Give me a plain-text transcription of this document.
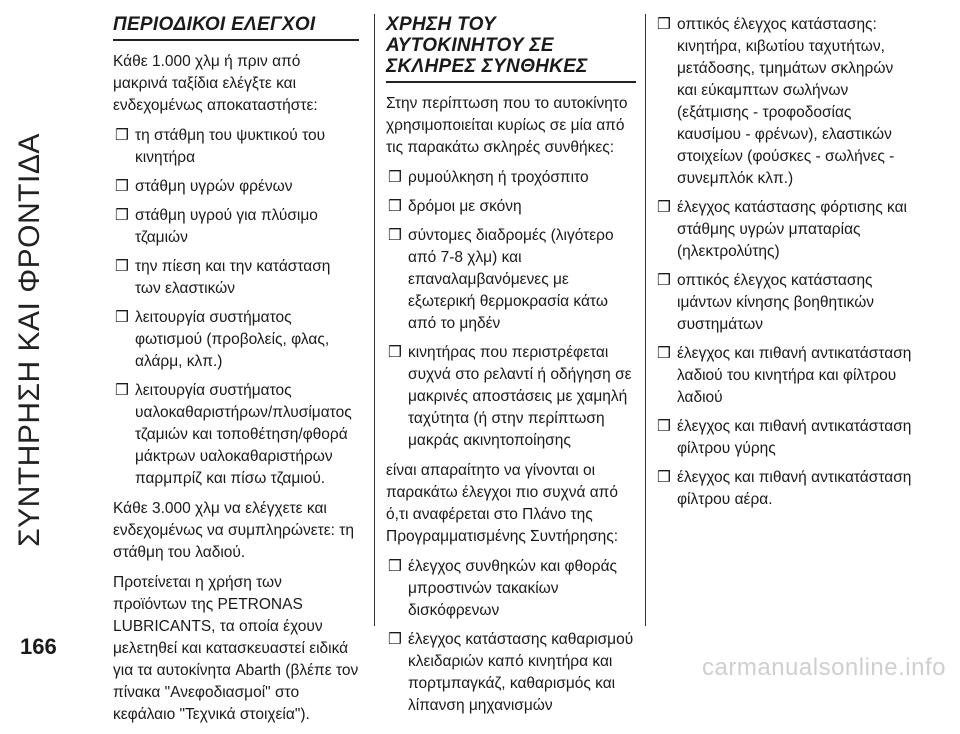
ΣΥΝΤΗΡΗΣΗ ΚΑΙ ΦΡΟΝΤΙΔΑ
ΠΕΡΙΟΔΙΚΟΙ ΕΛΕΓΧΟΙ

Κάθε 1.000 χλμ ή πριν από μακρινά ταξίδια ελέγξτε και ενδεχομένως αποκαταστήστε:

❒ τη στάθμη του ψυκτικού του κινητήρα
❒ στάθμη υγρών φρένων
❒ στάθμη υγρού για πλύσιμο τζαμιών
❒ την πίεση και την κατάσταση των ελαστικών
❒ λειτουργία συστήματος φωτισμού (προβολείς, φλας, αλάρμ, κλπ.)
❒ λειτουργία συστήματος υαλοκαθαριστήρων/πλυσίματος τζαμιών και τοποθέτηση/φθορά μάκτρων υαλοκαθαριστήρων παρμπρίζ και πίσω τζαμιού.

Κάθε 3.000 χλμ να ελέγχετε και ενδεχομένως να συμπληρώνετε: τη στάθμη του λαδιού.

Προτείνεται η χρήση των προϊόντων της PETRONAS LUBRICANTS, τα οποία έχουν μελετηθεί και κατασκευαστεί ειδικά για τα αυτοκίνητα Abarth (βλέπε τον πίνακα "Ανεφοδιασμοί" στο κεφάλαιο "Τεχνικά στοιχεία").

ΧΡΗΣΗ ΤΟΥ ΑΥΤΟΚΙΝΗΤΟΥ ΣΕ ΣΚΛΗΡΕΣ ΣΥΝΘΗΚΕΣ

Στην περίπτωση που το αυτοκίνητο χρησιμοποιείται κυρίως σε μία από τις παρακάτω σκληρές συνθήκες:

❒ ρυμούλκηση ή τροχόσπιτο
❒ δρόμοι με σκόνη
❒ σύντομες διαδρομές (λιγότερο από 7-8 χλμ) και επαναλαμβανόμενες με εξωτερική θερμοκρασία κάτω από το μηδέν
❒ κινητήρας που περιστρέφεται συχνά στο ρελαντί ή οδήγηση σε μακρινές αποστάσεις με χαμηλή ταχύτητα (ή στην περίπτωση μακράς ακινητοποίησης

είναι απαραίτητο να γίνονται οι παρακάτω έλεγχοι πιο συχνά από ό,τι αναφέρεται στο Πλάνο της Προγραμματισμένης Συντήρησης:

❒ έλεγχος συνθηκών και φθοράς μπροστινών τακακίων δισκόφρενων
❒ έλεγχος κατάστασης καθαρισμού κλειδαριών καπό κινητήρα και πορτμπαγκάζ, καθαρισμός και λίπανση μηχανισμών
❒ οπτικός έλεγχος κατάστασης: κινητήρα, κιβωτίου ταχυτήτων, μετάδοσης, τμημάτων σκληρών και εύκαμπτων σωλήνων (εξάτμισης - τροφοδοσίας καυσίμου - φρένων), ελαστικών στοιχείων (φούσκες - σωλήνες - συνεμπλόκ κλπ.)
❒ έλεγχος κατάστασης φόρτισης και στάθμης υγρών μπαταρίας (ηλεκτρολύτης)
❒ οπτικός έλεγχος κατάστασης ιμάντων κίνησης βοηθητικών συστημάτων
❒ έλεγχος και πιθανή αντικατάσταση λαδιού του κινητήρα και φίλτρου λαδιού
❒ έλεγχος και πιθανή αντικατάσταση φίλτρου γύρης
❒ έλεγχος και πιθανή αντικατάσταση φίλτρου αέρα.
166
carmanualsonline.info
